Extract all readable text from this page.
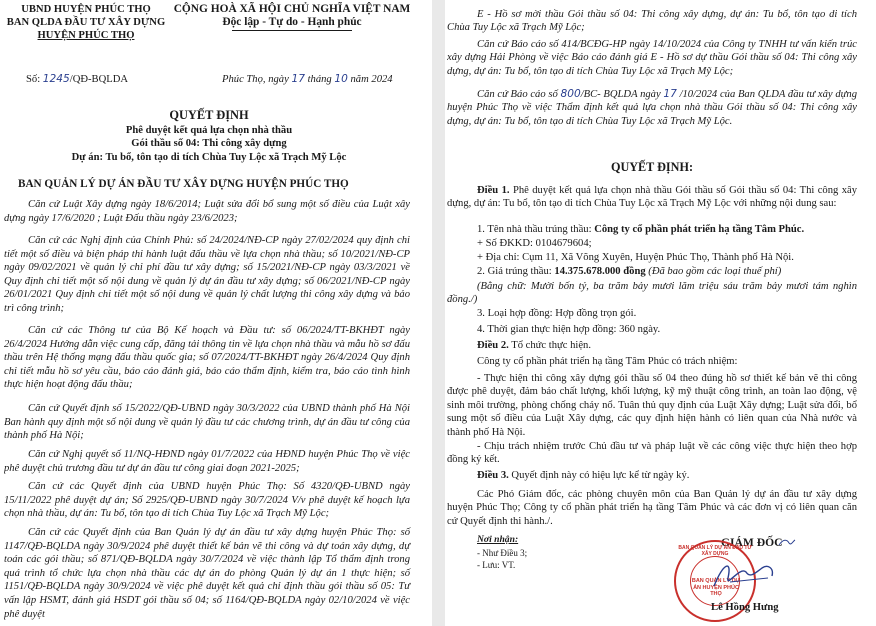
UBND HUYỆN PHÚC THỌ
BAN QLDA ĐẦU TƯ XÂY DỰNG
HUYỆN PHÚC THỌ
CỘNG HOÀ XÃ HỘI CHỦ NGHĨA VIỆT NAM
Độc lập - Tự do - Hạnh phúc
Số: 1245/QĐ-BQLDA	Phúc Thọ, ngày 17 tháng 10 năm 2024
QUYẾT ĐỊNH
Phê duyệt kết quả lựa chọn nhà thầu
Gói thầu số 04: Thi công xây dựng
Dự án: Tu bổ, tôn tạo di tích Chùa Tuy Lộc xã Trạch Mỹ Lộc
BAN QUẢN LÝ DỰ ÁN ĐẦU TƯ XÂY DỰNG HUYỆN PHÚC THỌ
Căn cứ Luật Xây dựng ngày 18/6/2014; Luật sửa đổi bổ sung một số điều của Luật xây dựng ngày 17/6/2020 ; Luật Đấu thầu ngày 23/6/2023;
Căn cứ các Nghị định của Chính Phủ: số 24/2024/NĐ-CP ngày 27/02/2024 quy định chi tiết một số điều và biện pháp thi hành luật đấu thầu về lựa chọn nhà thầu; số 10/2021/NĐ-CP ngày 09/02/2021 về quản lý chi phí đầu tư xây dựng; số 15/2021/NĐ-CP ngày 03/3/2021 về Quy định chi tiết một số nội dung về quản lý dự án đầu tư xây dựng; số 06/2021/NĐ-CP ngày 26/01/2021 Quy định chi tiết một số nội dung về quản lý chất lượng thi công xây dựng và bảo trì công trình;
Căn cứ các Thông tư của Bộ Kế hoạch và Đầu tư: số 06/2024/TT-BKHĐT ngày 26/4/2024 Hướng dẫn việc cung cấp, đăng tải thông tin về lựa chọn nhà thầu và mẫu hồ sơ đấu thầu trên Hệ thống mạng đấu thầu quốc gia; số 07/2024/TT-BKHĐT ngày 26/4/2024 Quy định chi tiết mẫu hồ sơ yêu cầu, báo cáo đánh giá, báo cáo thẩm định, kiểm tra, báo cáo tình hình thực hiện hoạt động đấu thầu;
Căn cứ Quyết định số 15/2022/QĐ-UBND ngày 30/3/2022 của UBND thành phố Hà Nội Ban hành quy định một số nội dung về quản lý đầu tư các chương trình, dự án đầu tư công của thành phố Hà Nội;
Căn cứ Nghị quyết số 11/NQ-HĐND ngày 01/7/2022 của HĐND huyện Phúc Thọ về việc phê duyệt chủ trương đầu tư dự án đầu tư công giai đoạn 2021-2025;
Căn cứ các Quyết định của UBND huyện Phúc Thọ: Số 4320/QĐ-UBND ngày 15/11/2022 phê duyệt dự án; Số 2925/QĐ-UBND ngày 30/7/2024 V/v phê duyệt kế hoạch lựa chọn nhà thầu, dự án: Tu bổ, tôn tạo di tích Chùa Tuy Lộc xã Trạch Mỹ Lộc;
Căn cứ các Quyết định của Ban Quản lý dự án đầu tư xây dựng huyện Phúc Thọ: số 1147/QĐ-BQLDA ngày 30/9/2024 phê duyệt thiết kế bản vẽ thi công và dự toán xây dựng, dự toán các gói thầu; số 871/QĐ-BQLDA ngày 30/7/2024 về việc thành lập Tổ thẩm định trong quá trình tổ chức lựa chọn nhà thầu các dự án do phòng Quản lý dự án 1 thực hiện; số 1151/QĐ-BQLDA ngày 30/9/2024 về việc phê duyệt kết quả chỉ định thầu gói thầu số 05: Tư vấn lập HSMT, đánh giá HSDT gói thầu số 04; số 1164/QĐ-BQLDA ngày 02/10/2024 về việc phê duyệt
E - Hồ sơ mời thầu Gói thầu số 04: Thi công xây dựng, dự án: Tu bổ, tôn tạo di tích Chùa Tuy Lộc xã Trạch Mỹ Lộc;
Căn cứ Báo cáo số 414/BCĐG-HP ngày 14/10/2024 của Công ty TNHH tư vấn kiến trúc xây dựng Hải Phòng về việc Báo cáo đánh giá E - Hồ sơ dự thầu Gói thầu số 04: Thi công xây dựng, dự án: Tu bổ, tôn tạo di tích Chùa Tuy Lộc xã Trạch Mỹ Lộc;
Căn cứ Báo cáo số 800/BC- BQLDA ngày 17 /10/2024 của Ban QLDA đầu tư xây dựng huyện Phúc Thọ về việc Thẩm định kết quả lựa chọn nhà thầu Gói thầu số 04: Thi công xây dựng, dự án: Tu bổ, tôn tạo di tích Chùa Tuy Lộc xã Trạch Mỹ Lộc.
QUYẾT ĐỊNH:
Điều 1. Phê duyệt kết quả lựa chọn nhà thầu Gói thầu số Gói thầu số 04: Thi công xây dựng, dự án: Tu bổ, tôn tạo di tích Chùa Tuy Lộc xã Trạch Mỹ Lộc với những nội dung sau:
1. Tên nhà thầu trúng thầu: Công ty cổ phần phát triển hạ tầng Tâm Phúc.
+ Số ĐKKD: 0104679604;
+ Địa chỉ: Cụm 11, Xã Võng Xuyên, Huyện Phúc Thọ, Thành phố Hà Nội.
2. Giá trúng thầu: 14.375.678.000 đồng (Đã bao gồm các loại thuế phí)
(Bằng chữ: Mười bốn tỷ, ba trăm bảy mươi lăm triệu sáu trăm bảy mươi tám nghìn đồng./)
3. Loại hợp đồng: Hợp đồng trọn gói.
4. Thời gian thực hiện hợp đồng: 360 ngày.
Điều 2. Tổ chức thực hiện.
Công ty cổ phần phát triển hạ tầng Tâm Phúc có trách nhiệm:
- Thực hiện thi công xây dựng gói thầu số 04 theo đúng hồ sơ thiết kế bản vẽ thi công được phê duyệt, đảm bảo chất lượng, khối lượng, kỹ mỹ thuật công trình, an toàn lao động, vệ sinh môi trường, phòng chống cháy nổ. Tuân thủ quy định của Luật Xây dựng; Luật sửa đổi, bổ sung một số điều của Luật Xây dựng, các quy định hiện hành có liên quan của Nhà nước và thành phố Hà Nội.
- Chịu trách nhiệm trước Chủ đầu tư và pháp luật về các công việc thực hiện theo hợp đồng ký kết.
Điều 3. Quyết định này có hiệu lực kể từ ngày ký.
Các Phó Giám đốc, các phòng chuyên môn của Ban Quản lý dự án đầu tư xây dựng huyện Phúc Thọ; Công ty cổ phần phát triển hạ tầng Tâm Phúc và các đơn vị có liên quan căn cứ Quyết định thi hành./.
Nơi nhận:
- Như Điều 3;
- Lưu: VT.
GIÁM ĐỐC
BAN QUẢN LÝ DỰ ÁN ĐẦU TƯ XÂY DỰNG
BAN QUẢN LÝ DỰ ÁN HUYỆN PHÚC THỌ
Lê Hồng Hưng
